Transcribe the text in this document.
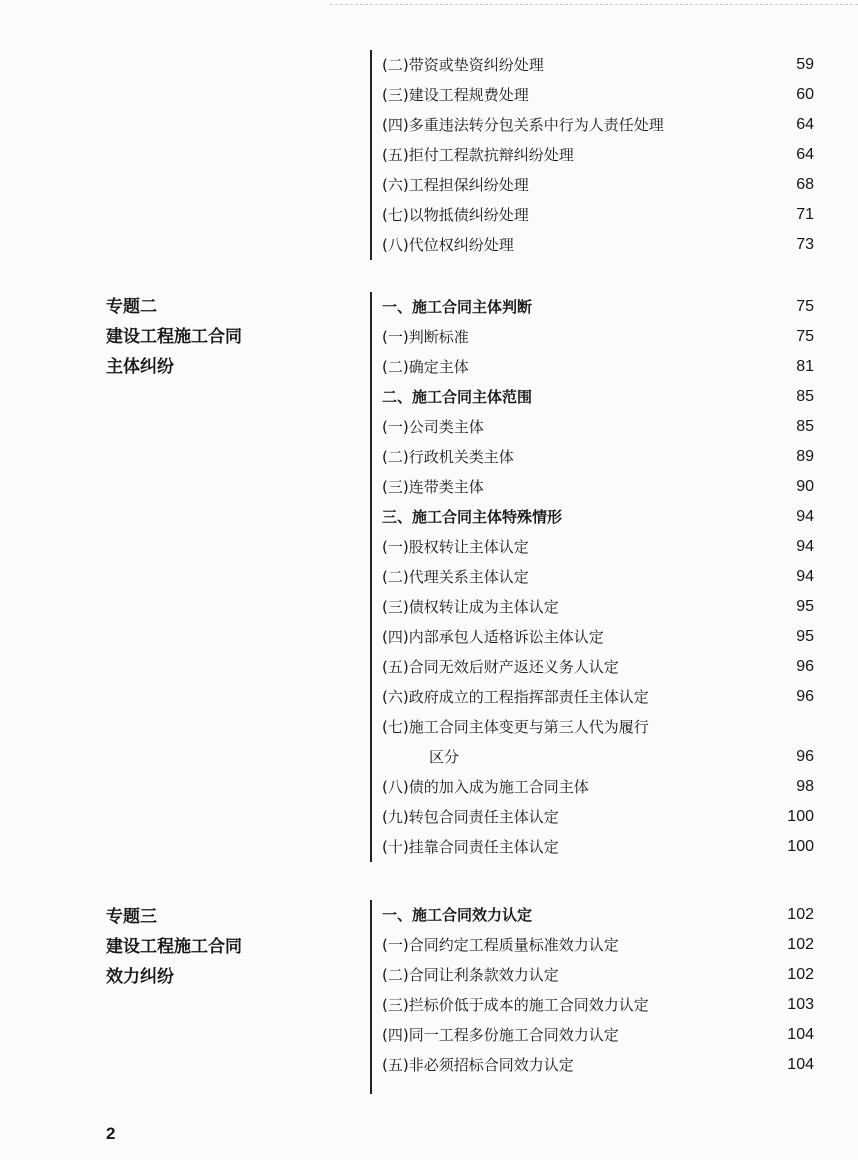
(二)带资或垫资纠纷处理	59
(三)建设工程规费处理	60
(四)多重违法转分包关系中行为人责任处理	64
(五)拒付工程款抗辩纠纷处理	64
(六)工程担保纠纷处理	68
(七)以物抵债纠纷处理	71
(八)代位权纠纷处理	73
专题二
建设工程施工合同
主体纠纷
一、施工合同主体判断	75
(一)判断标准	75
(二)确定主体	81
二、施工合同主体范围	85
(一)公司类主体	85
(二)行政机关类主体	89
(三)连带类主体	90
三、施工合同主体特殊情形	94
(一)股权转让主体认定	94
(二)代理关系主体认定	94
(三)债权转让成为主体认定	95
(四)内部承包人适格诉讼主体认定	95
(五)合同无效后财产返还义务人认定	96
(六)政府成立的工程指挥部责任主体认定	96
(七)施工合同主体变更与第三人代为履行
区分	96
(八)债的加入成为施工合同主体	98
(九)转包合同责任主体认定	100
(十)挂靠合同责任主体认定	100
专题三
建设工程施工合同
效力纠纷
一、施工合同效力认定	102
(一)合同约定工程质量标准效力认定	102
(二)合同让利条款效力认定	102
(三)拦标价低于成本的施工合同效力认定	103
(四)同一工程多份施工合同效力认定	104
(五)非必须招标合同效力认定	104
2
